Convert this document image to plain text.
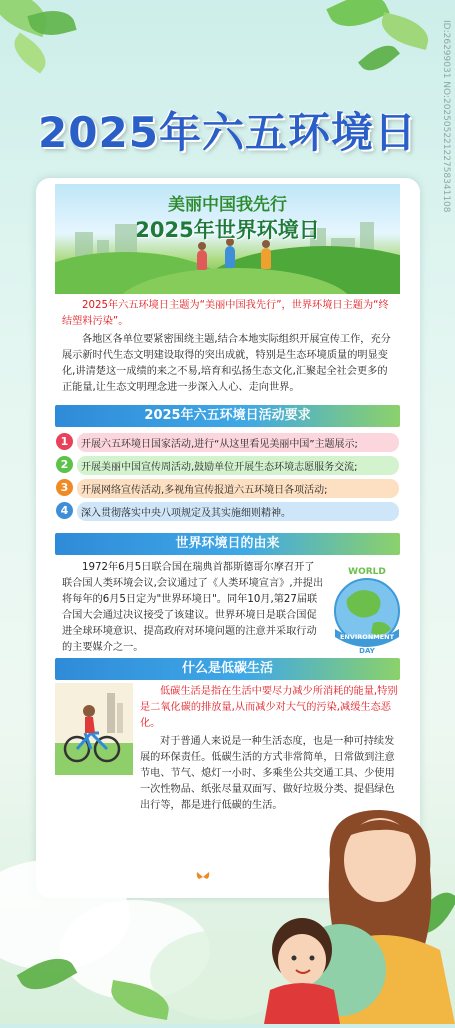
ID:26299031 NO:20250522122758341108
2025年六五环境日
美丽中国我先行
2025年世界环境日
2025年六五环境日主题为“美丽中国我先行”，世界环境日主题为“终结塑料污染”。
各地区各单位要紧密围绕主题,结合本地实际组织开展宣传工作，充分展示新时代生态文明建设取得的突出成就，特别是生态环境质量的明显变化,讲清楚这一成绩的来之不易,培育和弘扬生态文化,汇聚起全社会更多的正能量,让生态文明理念进一步深入人心、走向世界。
2025年六五环境日活动要求
1	开展六五环境日国家活动,进行“从这里看见美丽中国”主题展示;
2	开展美丽中国宣传周活动,鼓励单位开展生态环境志愿服务交流;
3	开展网络宣传活动,多视角宣传报道六五环境日各项活动;
4	深入贯彻落实中央八项规定及其实施细则精神。
世界环境日的由来
1972年6月5日联合国在瑞典首都斯德哥尔摩召开了联合国人类环境会议,会议通过了《人类环境宣言》,并提出将每年的6月5日定为"世界环境日"。同年10月,第27届联合国大会通过决议接受了该建议。世界环境日是联合国促进全球环境意识、提高政府对环境问题的注意并采取行动的主要媒介之一。
WORLD
ENVIRONMENT
DAY
什么是低碳生活
低碳生活是指在生活中要尽力减少所消耗的能量,特别是二氧化碳的排放量,从而减少对大气的污染,减缓生态恶化。
对于普通人来说是一种生活态度，也是一种可持续发展的环保责任。低碳生活的方式非常简单，日常做到注意节电、节气、熄灯一小时、多乘坐公共交通工具、少使用一次性物品、纸张尽量双面写、做好垃圾分类、提倡绿色出行等，都是进行低碳的生活。
